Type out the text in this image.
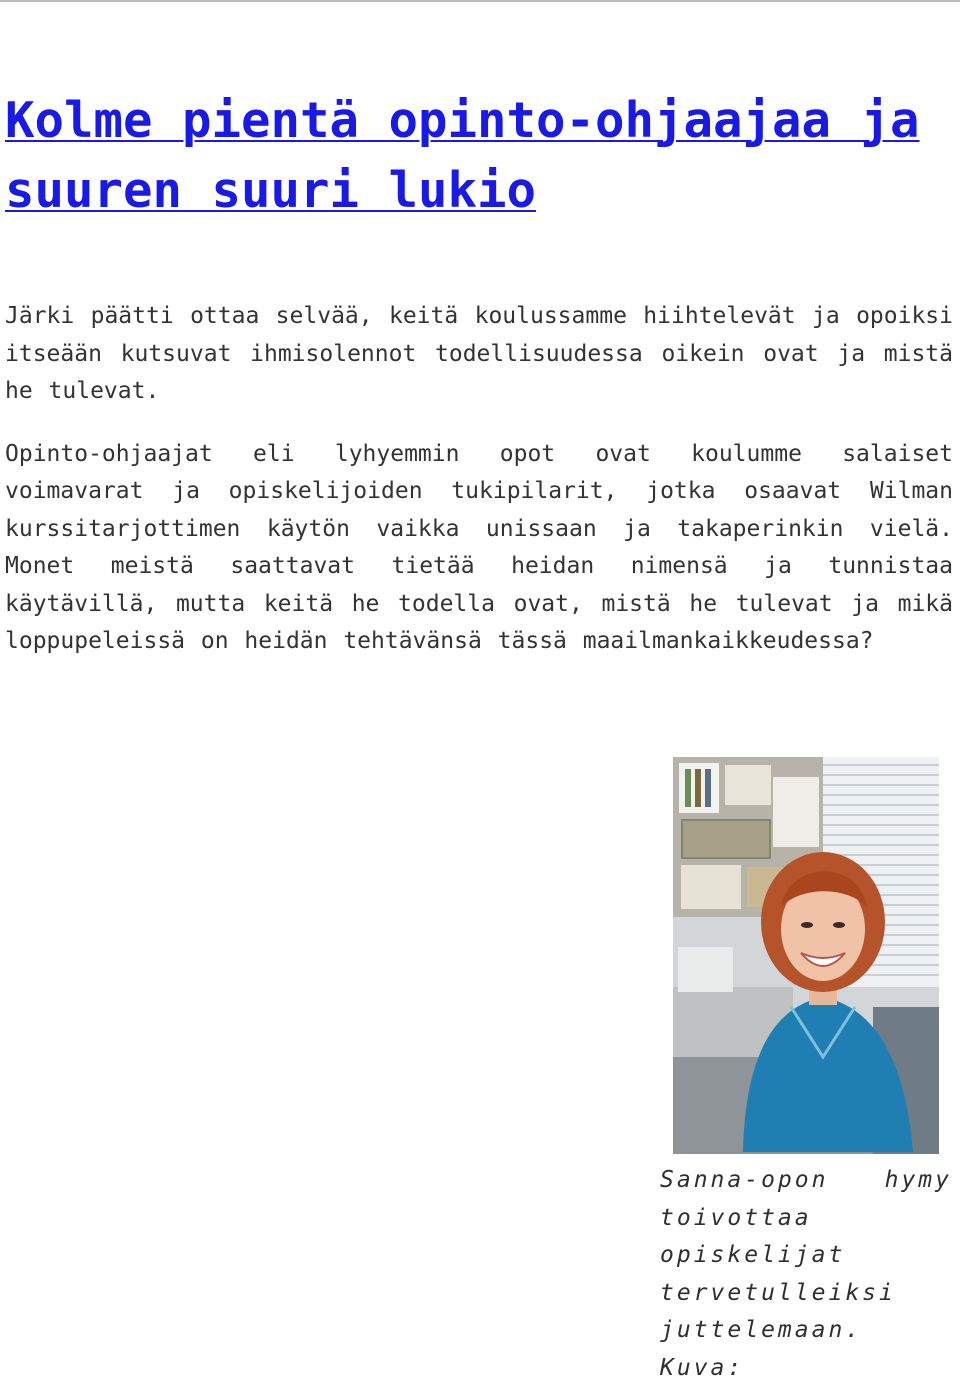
Kolme pientä opinto-ohjaajaa ja suuren suuri lukio

Järki päätti ottaa selvää, keitä koulussamme hiihtelevät ja opoiksi itseään kutsuvat ihmisolennot todellisuudessa oikein ovat ja mistä he tulevat.

Opinto-ohjaajat eli lyhyemmin opot ovat koulumme salaiset voimavarat ja opiskelijoiden tukipilarit, jotka osaavat Wilman kurssitarjottimen käytön vaikka unissaan ja takaperinkin vielä. Monet meistä saattavat tietää heidan nimensä ja tunnistaa käytävillä, mutta keitä he todella ovat, mistä he tulevat ja mikä loppupeleissä on heidän tehtävänsä tässä maailmankaikkeudessa?

Sanna-opon hymy toivottaa opiskelijat tervetulleiksi juttelemaan. Kuva:
